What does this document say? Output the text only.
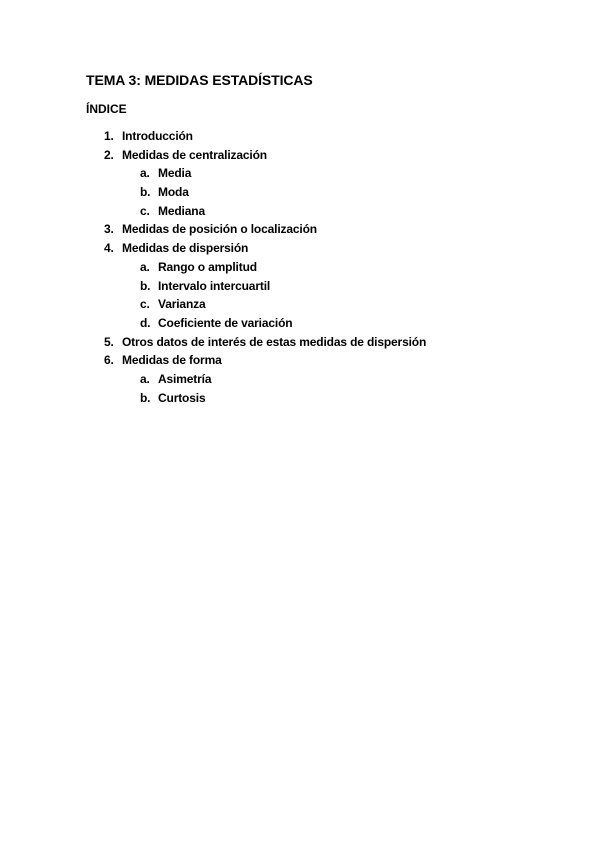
TEMA 3: MEDIDAS ESTADÍSTICAS
ÍNDICE
1. Introducción
2. Medidas de centralización
a. Media
b. Moda
c. Mediana
3. Medidas de posición o localización
4. Medidas de dispersión
a. Rango o amplitud
b. Intervalo intercuartil
c. Varianza
d. Coeficiente de variación
5. Otros datos de interés de estas medidas de dispersión
6. Medidas de forma
a. Asimetría
b. Curtosis
